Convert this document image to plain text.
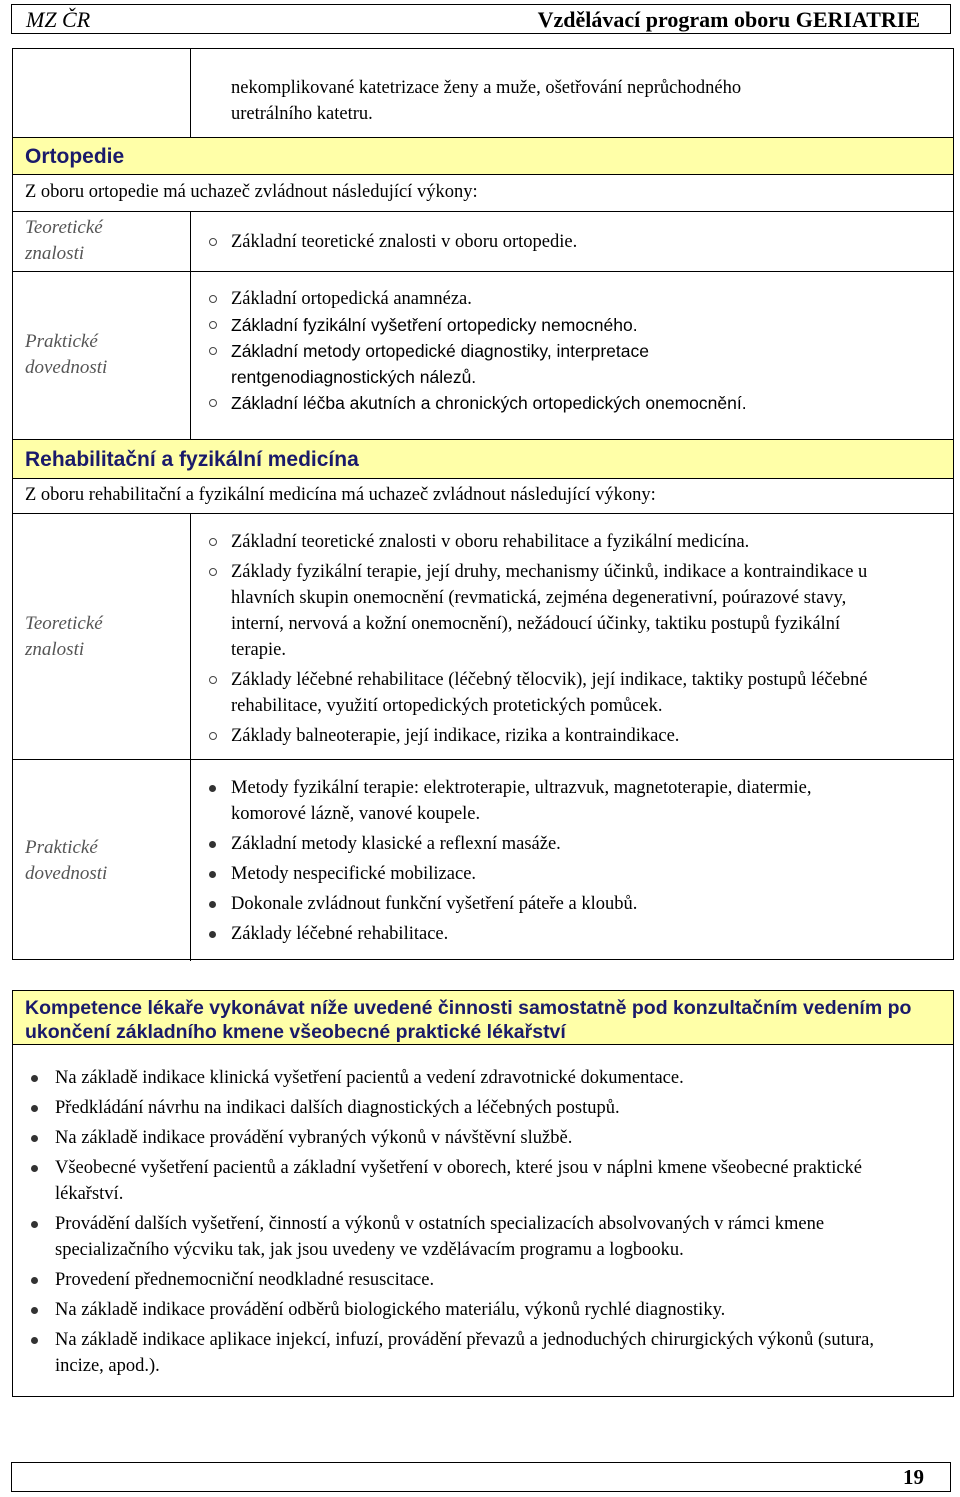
MZ ČR	Vzdělávací program oboru GERIATRIE
nekomplikované katetrizace ženy a muže, ošetřování neprůchodného
uretrálního katetru.
Ortopedie
Z oboru ortopedie má uchazeč zvládnout následující výkony:
Teoretické
znalosti
Základní teoretické znalosti v oboru ortopedie.
Praktické
dovednosti
Základní ortopedická anamnéza.
Základní fyzikální vyšetření ortopedicky nemocného.
Základní metody ortopedické diagnostiky, interpretace rentgenodiagnostických nálezů.
Základní léčba akutních a chronických ortopedických onemocnění.
Rehabilitační a fyzikální medicína
Z oboru rehabilitační a fyzikální medicína má uchazeč zvládnout následující výkony:
Teoretické
znalosti
Základní teoretické znalosti v oboru rehabilitace a fyzikální medicína.
Základy fyzikální terapie, její druhy, mechanismy účinků, indikace a kontraindikace u hlavních skupin onemocnění (revmatická, zejména degenerativní, poúrazové stavy, interní, nervová a kožní onemocnění), nežádoucí účinky, taktiku postupů fyzikální terapie.
Základy léčebné rehabilitace (léčebný tělocvik), její indikace, taktiky postupů léčebné rehabilitace, využití ortopedických protetických pomůcek.
Základy balneoterapie, její indikace, rizika a kontraindikace.
Praktické
dovednosti
Metody fyzikální terapie: elektroterapie, ultrazvuk, magnetoterapie, diatermie, komorové lázně, vanové koupele.
Základní metody klasické a reflexní masáže.
Metody nespecifické mobilizace.
Dokonale zvládnout funkční vyšetření páteře a kloubů.
Základy léčebné rehabilitace.
Kompetence lékaře vykonávat níže uvedené činnosti samostatně pod konzultačním vedením po ukončení základního kmene všeobecné praktické lékařství
Na základě indikace klinická vyšetření pacientů a vedení zdravotnické dokumentace.
Předkládání návrhu na indikaci dalších diagnostických a léčebných postupů.
Na základě indikace provádění vybraných výkonů v návštěvní službě.
Všeobecné vyšetření pacientů a základní vyšetření v oborech, které jsou v náplni kmene všeobecné praktické lékařství.
Provádění dalších vyšetření, činností a výkonů v ostatních specializacích absolvovaných v rámci kmene specializačního výcviku tak, jak jsou uvedeny ve vzdělávacím programu a logbooku.
Provedení přednemocniční neodkladné resuscitace.
Na základě indikace provádění odběrů biologického materiálu, výkonů rychlé diagnostiky.
Na základě indikace aplikace injekcí, infuzí, provádění převazů a jednoduchých chirurgických výkonů (sutura, incize, apod.).
19
